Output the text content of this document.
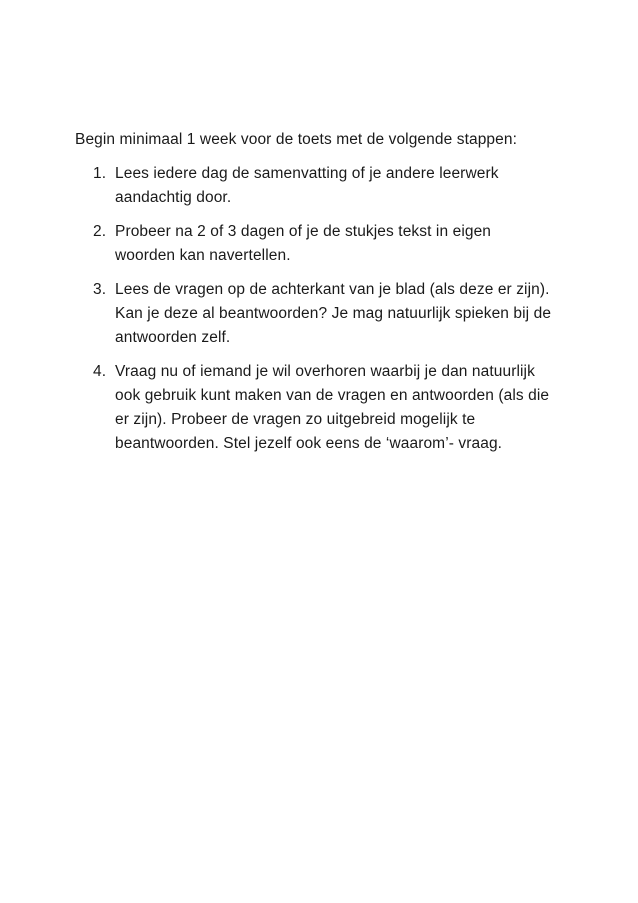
Begin minimaal 1 week voor de toets met de volgende stappen:

1. Lees iedere dag de samenvatting of je andere leerwerk aandachtig door.
2. Probeer na 2 of 3 dagen of je de stukjes tekst in eigen woorden kan navertellen.
3. Lees de vragen op de achterkant van je blad (als deze er zijn). Kan je deze al beantwoorden? Je mag natuurlijk spieken bij de antwoorden zelf.
4. Vraag nu of iemand je wil overhoren waarbij je dan natuurlijk ook gebruik kunt maken van de vragen en antwoorden (als die er zijn). Probeer de vragen zo uitgebreid mogelijk te beantwoorden. Stel jezelf ook eens de ‘waarom’- vraag.
